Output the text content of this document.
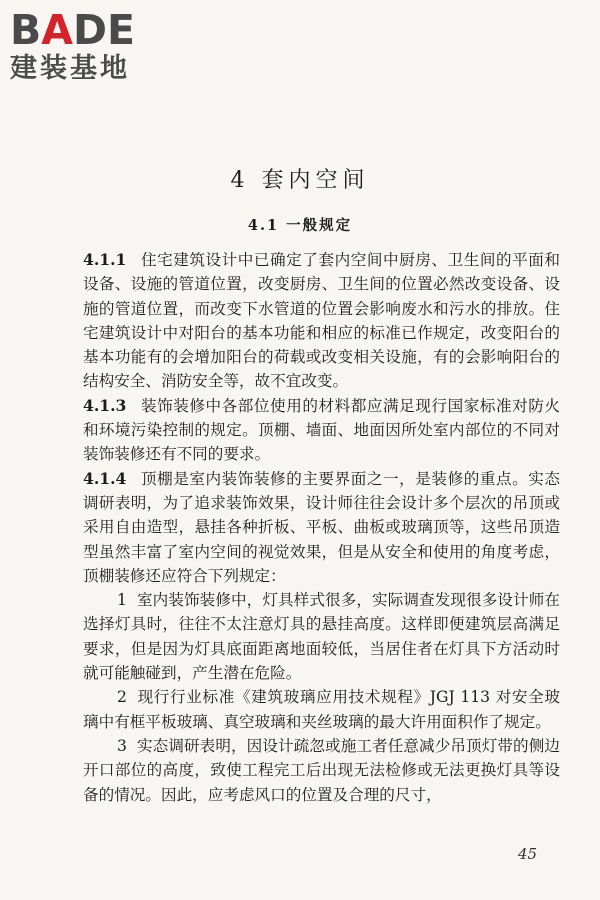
BADE
建装基地
4 套内空间
4.1 一般规定

4.1.1 住宅建筑设计中已确定了套内空间中厨房、卫生间的平面和设备、设施的管道位置，改变厨房、卫生间的位置必然改变设备、设施的管道位置，而改变下水管道的位置会影响废水和污水的排放。住宅建筑设计中对阳台的基本功能和相应的标准已作规定，改变阳台的基本功能有的会增加阳台的荷载或改变相关设施，有的会影响阳台的结构安全、消防安全等，故不宜改变。

4.1.3 装饰装修中各部位使用的材料都应满足现行国家标准对防火和环境污染控制的规定。顶棚、墙面、地面因所处室内部位的不同对装饰装修还有不同的要求。

4.1.4 顶棚是室内装饰装修的主要界面之一，是装修的重点。实态调研表明，为了追求装饰效果，设计师往往会设计多个层次的吊顶或采用自由造型，悬挂各种折板、平板、曲板或玻璃顶等，这些吊顶造型虽然丰富了室内空间的视觉效果，但是从安全和使用的角度考虑，顶棚装修还应符合下列规定：

1 室内装饰装修中，灯具样式很多，实际调查发现很多设计师在选择灯具时，往往不太注意灯具的悬挂高度。这样即便建筑层高满足要求，但是因为灯具底面距离地面较低，当居住者在灯具下方活动时就可能触碰到，产生潜在危险。

2 现行行业标准《建筑玻璃应用技术规程》JGJ 113 对安全玻璃中有框平板玻璃、真空玻璃和夹丝玻璃的最大许用面积作了规定。

3 实态调研表明，因设计疏忽或施工者任意减少吊顶灯带的侧边开口部位的高度，致使工程完工后出现无法检修或无法更换灯具等设备的情况。因此，应考虑风口的位置及合理的尺寸，

45
